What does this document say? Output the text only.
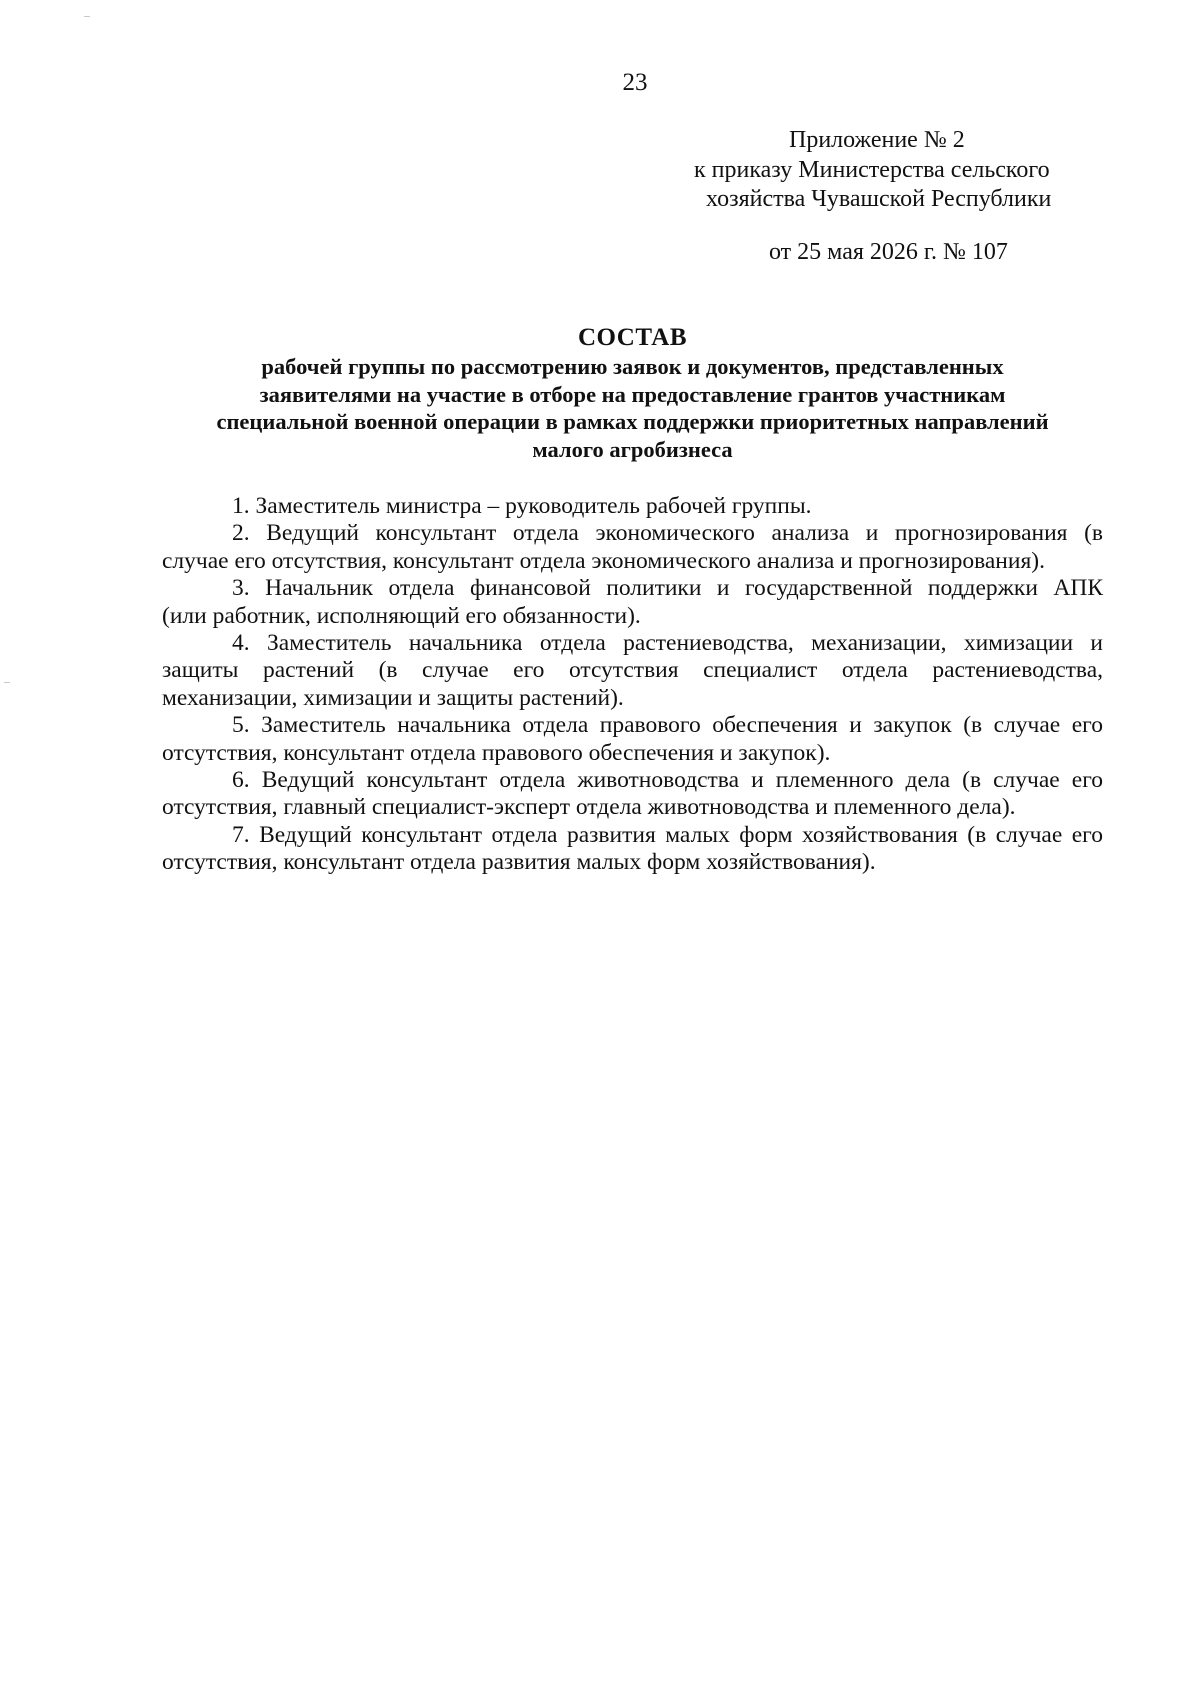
23
Приложение № 2
к приказу Министерства сельского
хозяйства Чувашской Республики
от 25 мая 2026 г. № 107
СОСТАВ
рабочей группы по рассмотрению заявок и документов, представленных
заявителями на участие в отборе на предоставление грантов участникам
специальной военной операции в рамках поддержки приоритетных направлений
малого агробизнеса
1. Заместитель министра – руководитель рабочей группы.
2. Ведущий консультант отдела экономического анализа и прогнозирования (в
случае его отсутствия, консультант отдела экономического анализа и прогнозирования).
3. Начальник отдела финансовой политики и государственной поддержки АПК
(или работник, исполняющий его обязанности).
4. Заместитель начальника отдела растениеводства, механизации, химизации и
защиты растений (в случае его отсутствия специалист отдела растениеводства,
механизации, химизации и защиты растений).
5. Заместитель начальника отдела правового обеспечения и закупок (в случае его
отсутствия, консультант отдела правового обеспечения и закупок).
6. Ведущий консультант отдела животноводства и племенного дела (в случае его
отсутствия, главный специалист-эксперт отдела животноводства и племенного дела).
7. Ведущий консультант отдела развития малых форм хозяйствования (в случае его
отсутствия, консультант отдела развития малых форм хозяйствования).
